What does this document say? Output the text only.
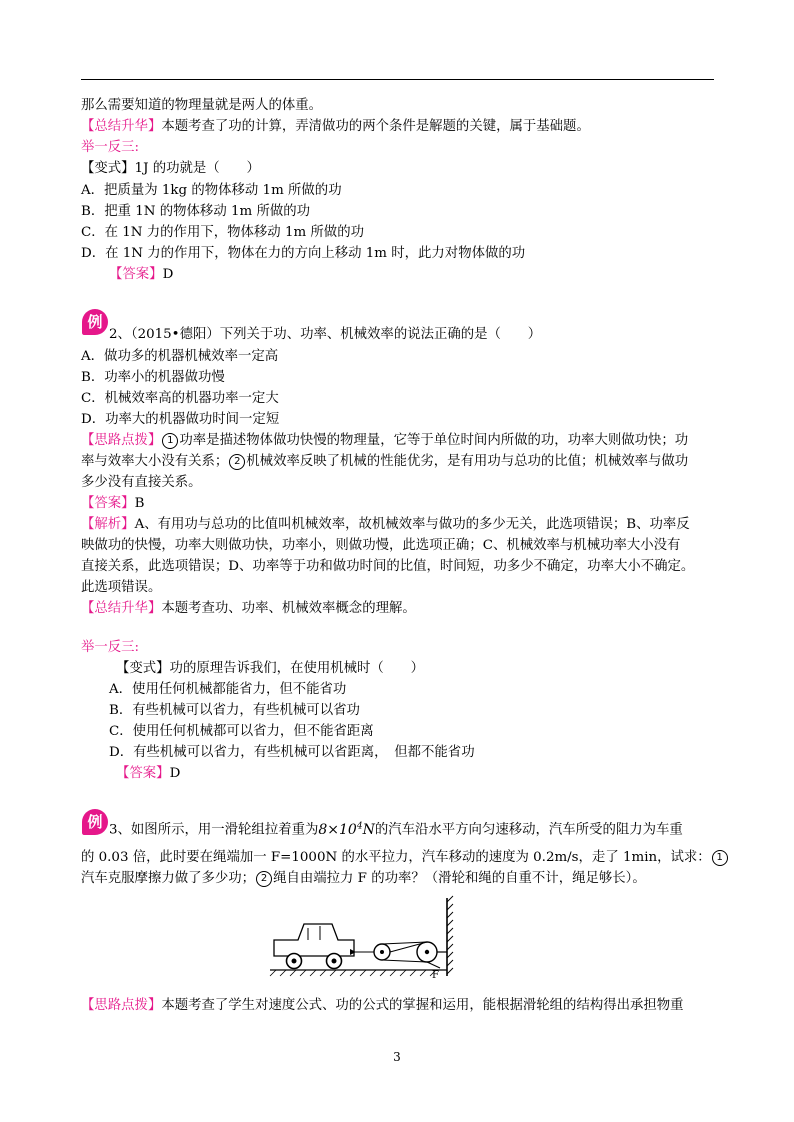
那么需要知道的物理量就是两人的体重。
【总结升华】本题考查了功的计算，弄清做功的两个条件是解题的关键，属于基础题。
举一反三:
【变式】1J 的功就是（　　）
A．把质量为 1kg 的物体移动 1m 所做的功
B．把重 1N 的物体移动 1m 所做的功
C．在 1N 力的作用下，物体移动 1m 所做的功
D．在 1N 力的作用下，物体在力的方向上移动 1m 时，此力对物体做的功
【答案】D
例
2、（2015•德阳）下列关于功、功率、机械效率的说法正确的是（　　）
A．做功多的机器机械效率一定高
B．功率小的机器做功慢
C．机械效率高的机器功率一定大
D．功率大的机器做功时间一定短
【思路点拨】 1 功率是描述物体做功快慢的物理量，它等于单位时间内所做的功，功率大则做功快；功
率与效率大小没有关系； 2 机械效率反映了机械的性能优劣，是有用功与总功的比值；机械效率与做功
多少没有直接关系。
【答案】B
【解析】A、有用功与总功的比值叫机械效率，故机械效率与做功的多少无关，此选项错误；B、功率反
映做功的快慢，功率大则做功快，功率小，则做功慢，此选项正确；C、机械效率与机械功率大小没有
直接关系，此选项错误；D、功率等于功和做功时间的比值，时间短，功多少不确定，功率大小不确定。
此选项错误。
【总结升华】本题考查功、功率、机械效率概念的理解。
举一反三:
【变式】功的原理告诉我们，在使用机械时（　　）
A．使用任何机械都能省力，但不能省功
B．有些机械可以省力，有些机械可以省功
C．使用任何机械都可以省力，但不能省距离
D．有些机械可以省力，有些机械可以省距离，　但都不能省功
【答案】D
例 3、如图所示，用一滑轮组拉着重为$8\times 10^4N$的汽车沿水平方向匀速移动，汽车所受的阻力为车重
的 0.03 倍，此时要在绳端加一 F=1000N 的水平拉力，汽车移动的速度为 0.2m/s，走了 1min，试求： 1
汽车克服摩擦力做了多少功； 2 绳自由端拉力 F 的功率？（滑轮和绳的自重不计，绳足够长）。
F
【思路点拨】本题考查了学生对速度公式、功的公式的掌握和运用，能根据滑轮组的结构得出承担物重
3
